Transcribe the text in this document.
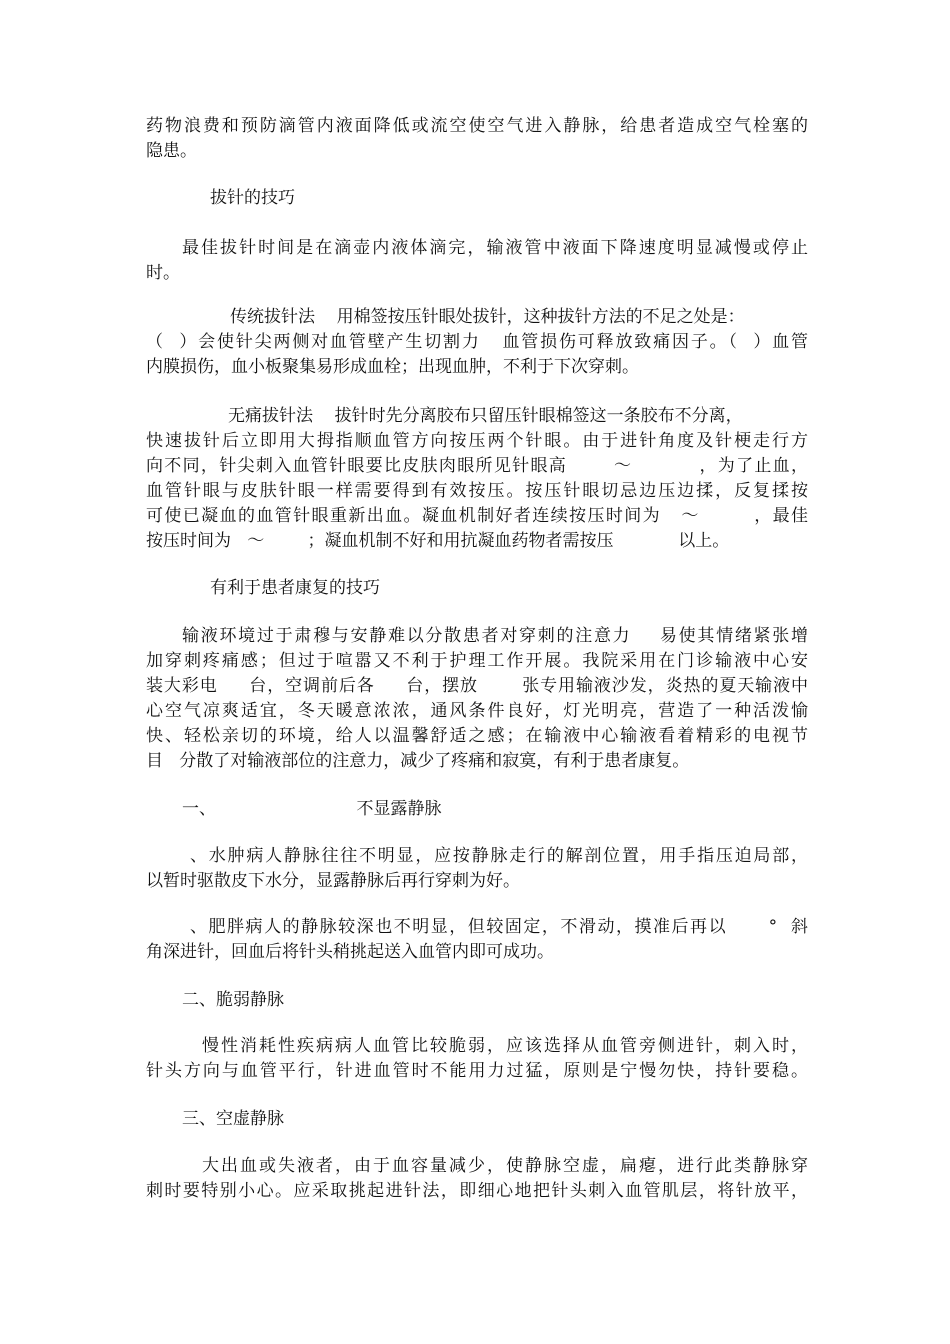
药物浪费和预防滴管内液面降低或流空使空气进入静脉，给患者造成空气栓塞的
隐患。
拔针的技巧
最佳拔针时间是在滴壶内液体滴完，输液管中液面下降速度明显减慢或停止
时。
传统拔针法    用棉签按压针眼处拔针，这种拔针方法的不足之处是：
（  ）会使针尖两侧对血管壁产生切割力   血管损伤可释放致痛因子。（  ）血管
内膜损伤，血小板聚集易形成血栓；出现血肿，不利于下次穿刺。
无痛拔针法    拔针时先分离胶布只留压针眼棉签这一条胶布不分离，
快速拔针后立即用大拇指顺血管方向按压两个针眼。由于进针角度及针梗走行方
向不同，针尖刺入血管针眼要比皮肤肉眼所见针眼高       ～          ，为了止血，
血管针眼与皮肤针眼一样需要得到有效按压。按压针眼切忌边压边揉，反复揉按
可使已凝血的血管针眼重新出血。凝血机制好者连续按压时间为   ～        ，最佳
按压时间为   ～        ；凝血机制不好和用抗凝血药物者需按压            以上。
有利于患者康复的技巧
输液环境过于肃穆与安静难以分散患者对穿刺的注意力    易使其情绪紧张增
加穿刺疼痛感；但过于喧嚣又不利于护理工作开展。我院采用在门诊输液中心安
装大彩电     台，空调前后各     台，摆放       张专用输液沙发，炎热的夏天输液中
心空气凉爽适宜，冬天暖意浓浓，通风条件良好，灯光明亮，营造了一种活泼愉
快、轻松亲切的环境，给人以温馨舒适之感；在输液中心输液看着精彩的电视节
目   分散了对输液部位的注意力，减少了疼痛和寂寞，有利于患者康复。
一、                          不显露静脉
、水肿病人静脉往往不明显，应按静脉走行的解剖位置，用手指压迫局部，
以暂时驱散皮下水分，显露静脉后再行穿刺为好。
、肥胖病人的静脉较深也不明显，但较固定，不滑动，摸准后再以      °  斜
角深进针，回血后将针头稍挑起送入血管内即可成功。
二、脆弱静脉
慢性消耗性疾病病人血管比较脆弱，应该选择从血管旁侧进针，刺入时，
针头方向与血管平行，针进血管时不能用力过猛，原则是宁慢勿快，持针要稳。
三、空虚静脉
大出血或失液者，由于血容量减少，使静脉空虚，扁瘪，进行此类静脉穿
刺时要特别小心。应采取挑起进针法，即细心地把针头刺入血管肌层，将针放平，
